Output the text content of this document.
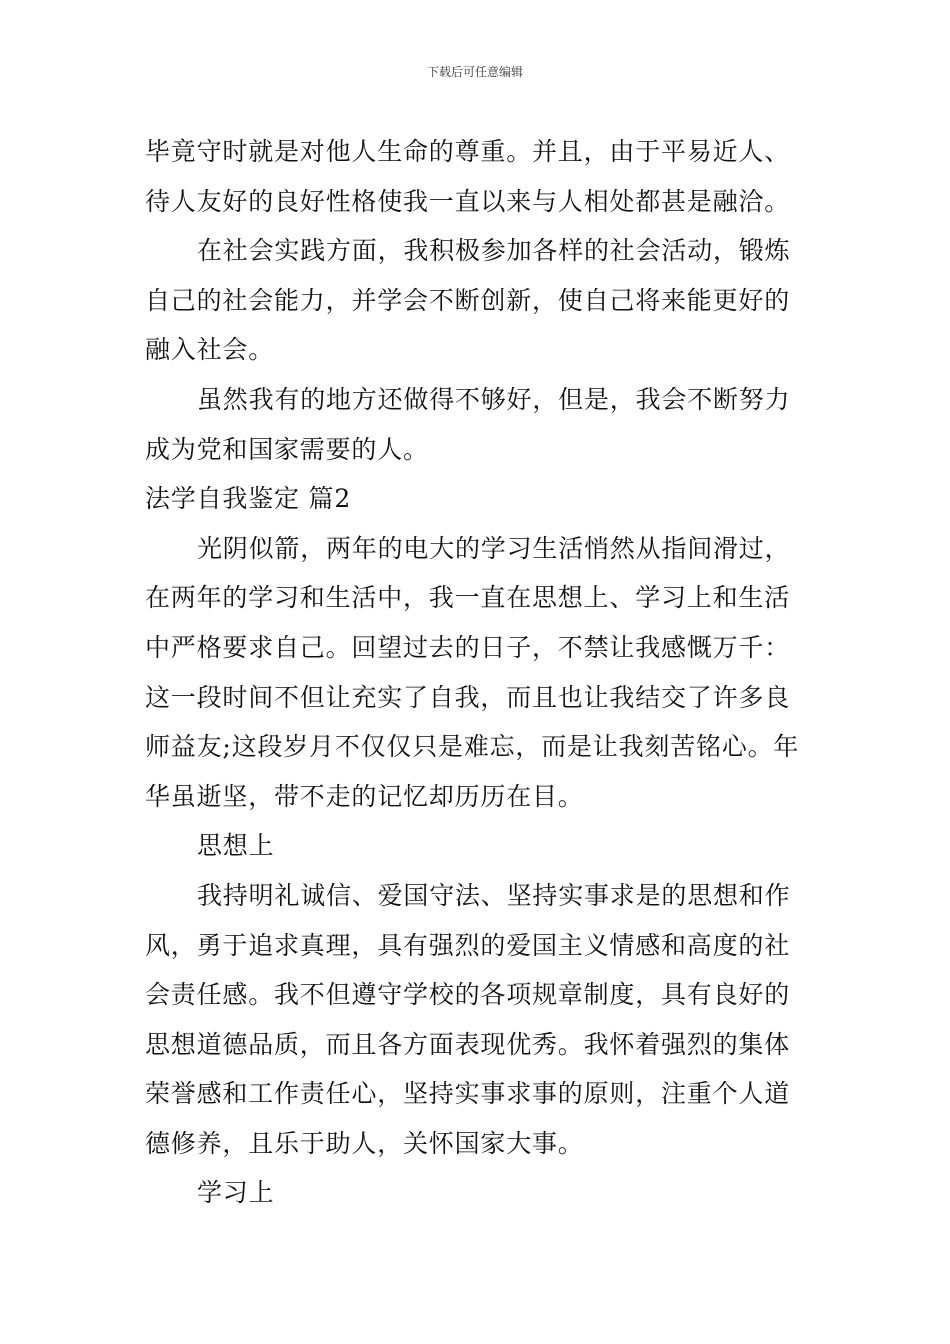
下载后可任意编辑

毕竟守时就是对他人生命的尊重。并且，由于平易近人、
待人友好的良好性格使我一直以来与人相处都甚是融洽。

在社会实践方面，我积极参加各样的社会活动，锻炼
自己的社会能力，并学会不断创新，使自己将来能更好的
融入社会。

虽然我有的地方还做得不够好，但是，我会不断努力
成为党和国家需要的人。

法学自我鉴定 篇2

光阴似箭，两年的电大的学习生活悄然从指间滑过，
在两年的学习和生活中，我一直在思想上、学习上和生活
中严格要求自己。回望过去的日子，不禁让我感慨万千：
这一段时间不但让充实了自我，而且也让我结交了许多良
师益友;这段岁月不仅仅只是难忘，而是让我刻苦铭心。年
华虽逝坚，带不走的记忆却历历在目。

思想上

我持明礼诚信、爱国守法、坚持实事求是的思想和作
风，勇于追求真理，具有强烈的爱国主义情感和高度的社
会责任感。我不但遵守学校的各项规章制度，具有良好的
思想道德品质，而且各方面表现优秀。我怀着强烈的集体
荣誉感和工作责任心，坚持实事求事的原则，注重个人道
德修养，且乐于助人，关怀国家大事。

学习上
